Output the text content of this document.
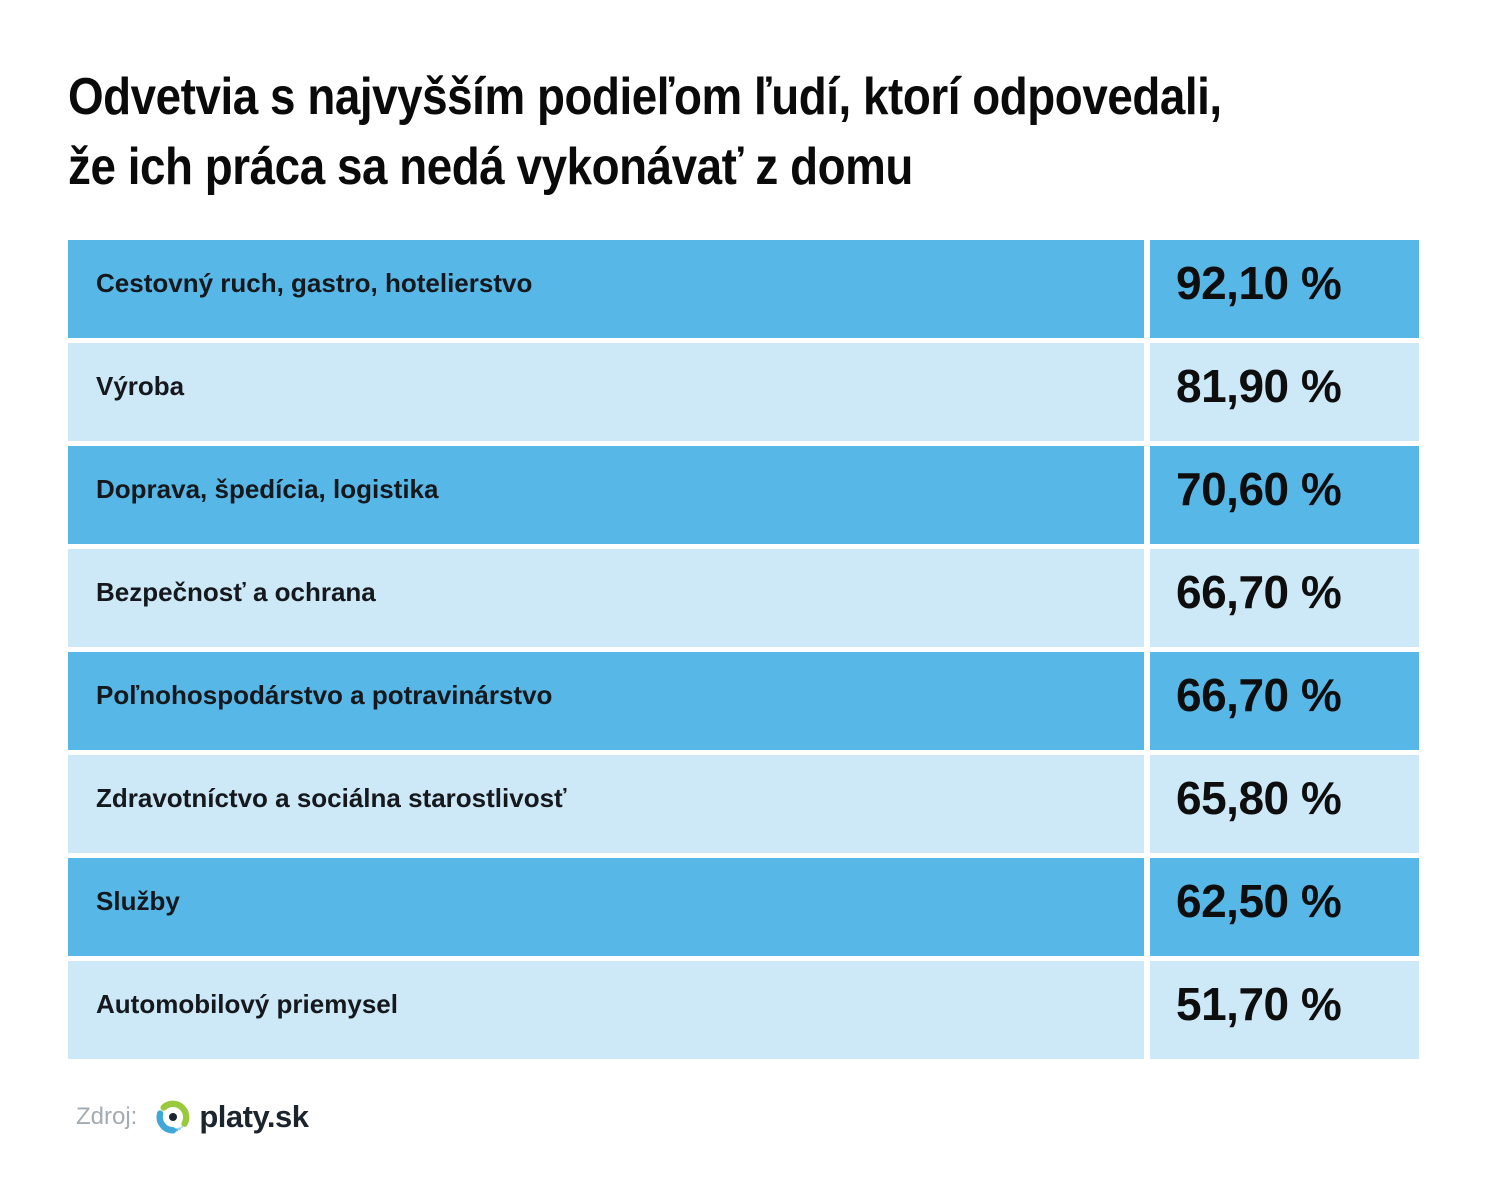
Odvetvia s najvyšším podieľom ľudí, ktorí odpovedali,
že ich práca sa nedá vykonávať z domu
Cestovný ruch, gastro, hotelierstvo	92,10 %
Výroba	81,90 %
Doprava, špedícia, logistika	70,60 %
Bezpečnosť a ochrana	66,70 %
Poľnohospodárstvo a potravinárstvo	66,70 %
Zdravotníctvo a sociálna starostlivosť	65,80 %
Služby	62,50 %
Automobilový priemysel	51,70 %
Zdroj: platy.sk
